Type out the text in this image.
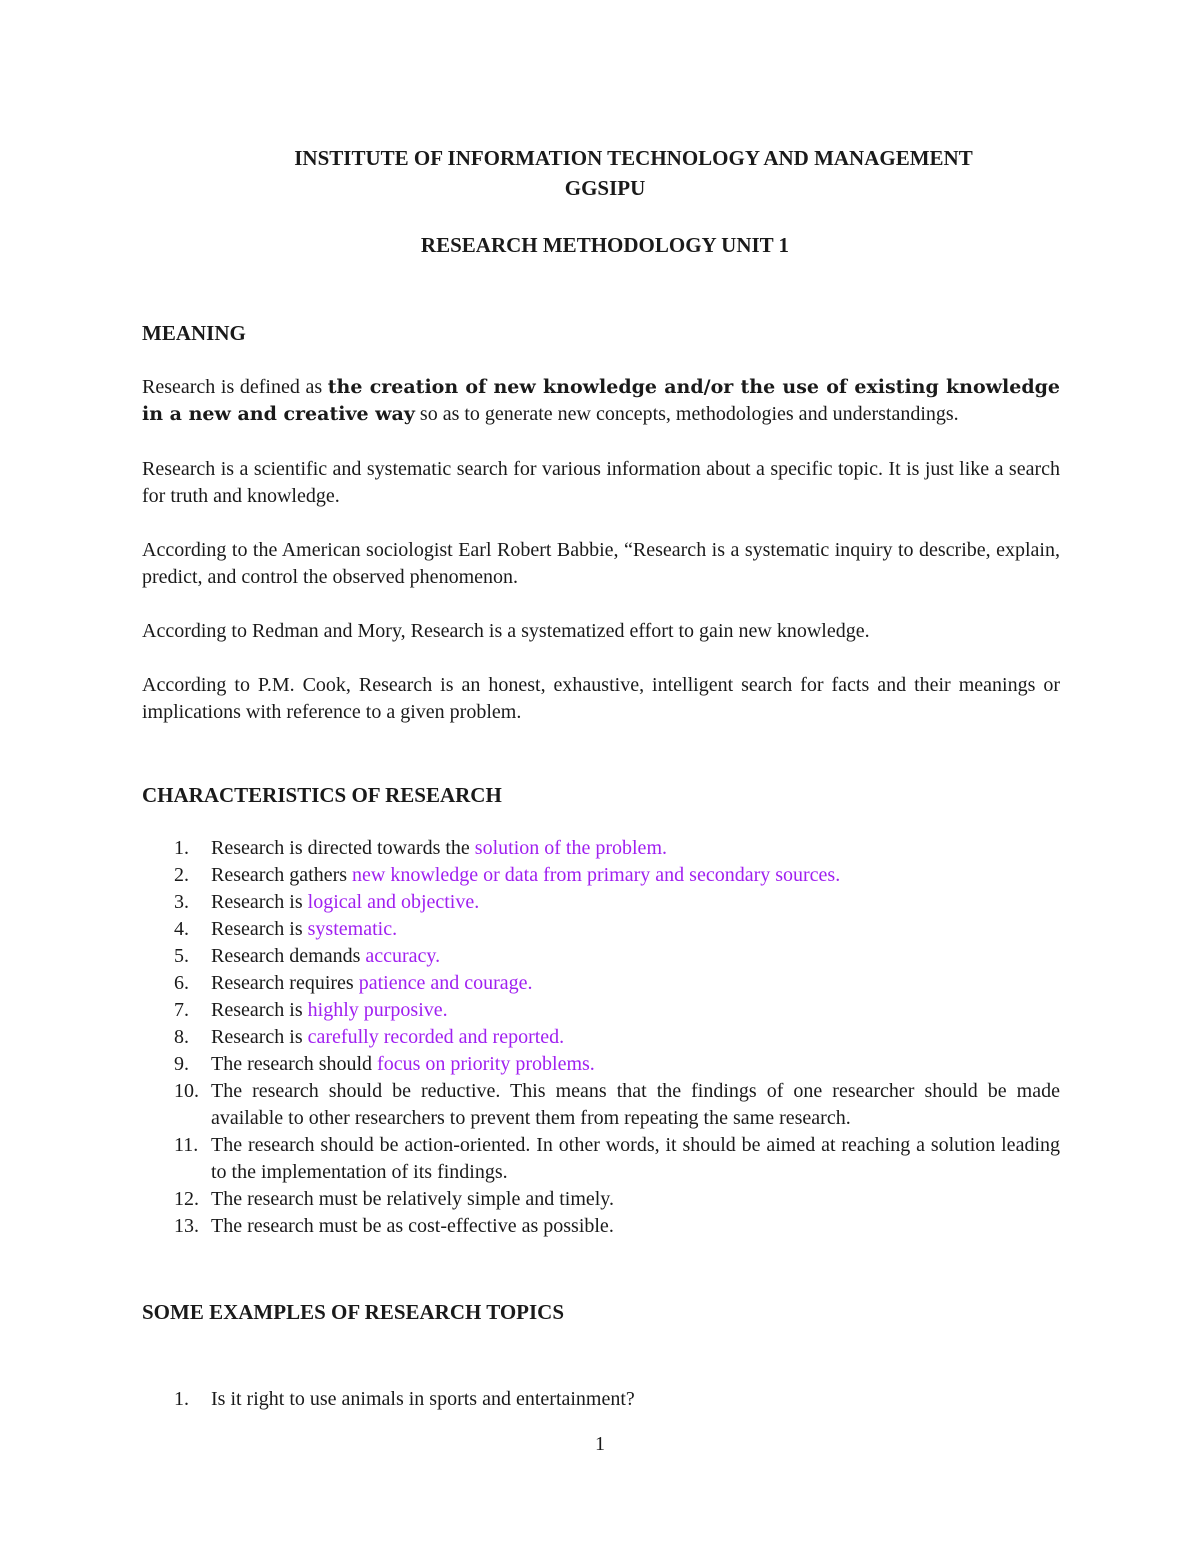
INSTITUTE OF INFORMATION TECHNOLOGY AND MANAGEMENT
GGSIPU
RESEARCH METHODOLOGY UNIT 1

MEANING

Research is defined as the creation of new knowledge and/or the use of existing knowledge in a new and creative way so as to generate new concepts, methodologies and understandings.

Research is a scientific and systematic search for various information about a specific topic. It is just like a search for truth and knowledge.

According to the American sociologist Earl Robert Babbie, “Research is a systematic inquiry to describe, explain, predict, and control the observed phenomenon.

According to Redman and Mory, Research is a systematized effort to gain new knowledge.

According to P.M. Cook, Research is an honest, exhaustive, intelligent search for facts and their meanings or implications with reference to a given problem.

CHARACTERISTICS OF RESEARCH

1. Research is directed towards the solution of the problem.
2. Research gathers new knowledge or data from primary and secondary sources.
3. Research is logical and objective.
4. Research is systematic.
5. Research demands accuracy.
6. Research requires patience and courage.
7. Research is highly purposive.
8. Research is carefully recorded and reported.
9. The research should focus on priority problems.
10. The research should be reductive. This means that the findings of one researcher should be made available to other researchers to prevent them from repeating the same research.
11. The research should be action-oriented. In other words, it should be aimed at reaching a solution leading to the implementation of its findings.
12. The research must be relatively simple and timely.
13. The research must be as cost-effective as possible.

SOME EXAMPLES OF RESEARCH TOPICS

1. Is it right to use animals in sports and entertainment?
1
